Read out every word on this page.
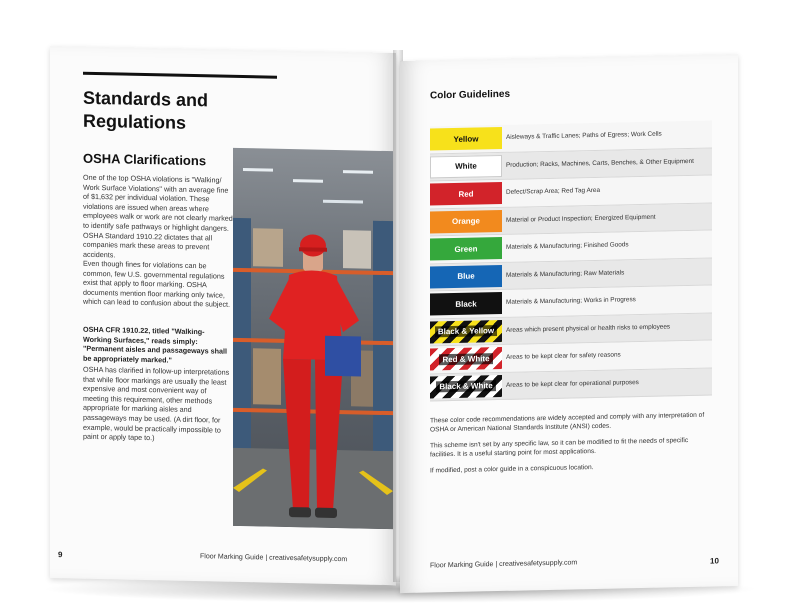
Standards and
Regulations
OSHA Clarifications
One of the top OSHA violations is "Walking/ Work Surface Violations" with an average fine of $1,632 per individual violation. These violations are issued when areas where employees walk or work are not clearly marked to identify safe pathways or highlight dangers. OSHA Standard 1910.22 dictates that all companies mark these areas to prevent accidents.
Even though fines for violations can be common, few U.S. governmental regulations exist that apply to floor marking. OSHA documents mention floor marking only twice, which can lead to confusion about the subject.
OSHA CFR 1910.22, titled "Walking-Working Surfaces," reads simply: "Permanent aisles and passageways shall be appropriately marked."
OSHA has clarified in follow-up interpretations that while floor markings are usually the least expensive and most convenient way of meeting this requirement, other methods appropriate for marking aisles and passageways may be used. (A dirt floor, for example, would be practically impossible to paint or apply tape to.)
9	Floor Marking Guide | creativesafetysupply.com
Color Guidelines
Yellow	Aisleways & Traffic Lanes; Paths of Egress; Work Cells
White	Production; Racks, Machines, Carts, Benches, & Other Equipment
Red	Defect/Scrap Area; Red Tag Area
Orange	Material or Product Inspection; Energized Equipment
Green	Materials & Manufacturing; Finished Goods
Blue	Materials & Manufacturing; Raw Materials
Black	Materials & Manufacturing; Works in Progress
Black & Yellow	Areas which present physical or health risks to employees
Red & White	Areas to be kept clear for safety reasons
Black & White	Areas to be kept clear for operational purposes

These color code recommendations are widely accepted and comply with any interpretation of OSHA or American National Standards Institute (ANSI) codes.

This scheme isn't set by any specific law, so it can be modified to fit the needs of specific facilities. It is a useful starting point for most applications.

If modified, post a color guide in a conspicuous location.

Floor Marking Guide | creativesafetysupply.com	10
